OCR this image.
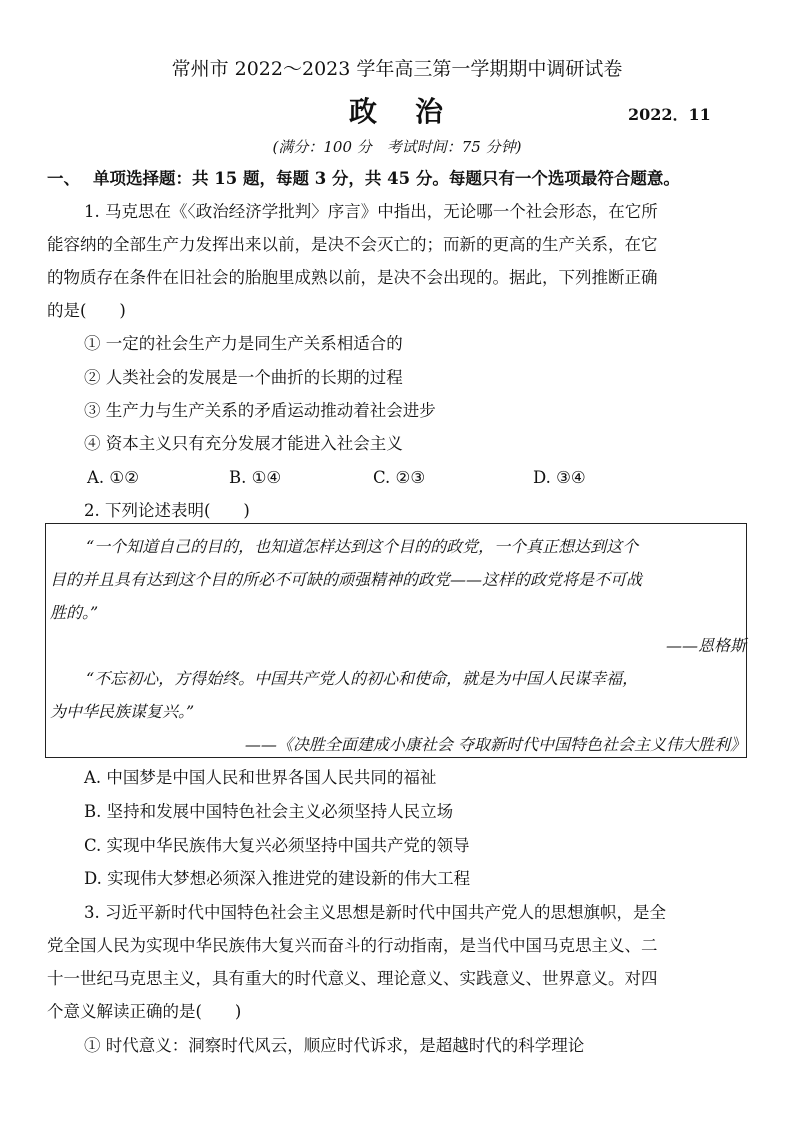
常州市 2022～2023 学年高三第一学期期中调研试卷
政治	2022．11
(满分：100 分　考试时间：75 分钟)
一、 单项选择题：共 15 题，每题 3 分，共 45 分。每题只有一个选项最符合题意。
1. 马克思在《〈政治经济学批判〉序言》中指出，无论哪一个社会形态，在它所
能容纳的全部生产力发挥出来以前，是决不会灭亡的；而新的更高的生产关系，在它
的物质存在条件在旧社会的胎胞里成熟以前，是决不会出现的。据此，下列推断正确
的是(　　)
① 一定的社会生产力是同生产关系相适合的
② 人类社会的发展是一个曲折的长期的过程
③ 生产力与生产关系的矛盾运动推动着社会进步
④ 资本主义只有充分发展才能进入社会主义
A. ①②	B. ①④	C. ②③	D. ③④
2. 下列论述表明(　　)
“一个知道自己的目的，也知道怎样达到这个目的的政党，一个真正想达到这个
目的并且具有达到这个目的所必不可缺的顽强精神的政党——这样的政党将是不可战
胜的。”
——恩格斯
“不忘初心，方得始终。中国共产党人的初心和使命，就是为中国人民谋幸福，
为中华民族谋复兴。”
——《决胜全面建成小康社会 夺取新时代中国特色社会主义伟大胜利》
A. 中国梦是中国人民和世界各国人民共同的福祉
B. 坚持和发展中国特色社会主义必须坚持人民立场
C. 实现中华民族伟大复兴必须坚持中国共产党的领导
D. 实现伟大梦想必须深入推进党的建设新的伟大工程
3. 习近平新时代中国特色社会主义思想是新时代中国共产党人的思想旗帜，是全
党全国人民为实现中华民族伟大复兴而奋斗的行动指南，是当代中国马克思主义、二
十一世纪马克思主义，具有重大的时代意义、理论意义、实践意义、世界意义。对四
个意义解读正确的是(　　)
① 时代意义：洞察时代风云，顺应时代诉求，是超越时代的科学理论
